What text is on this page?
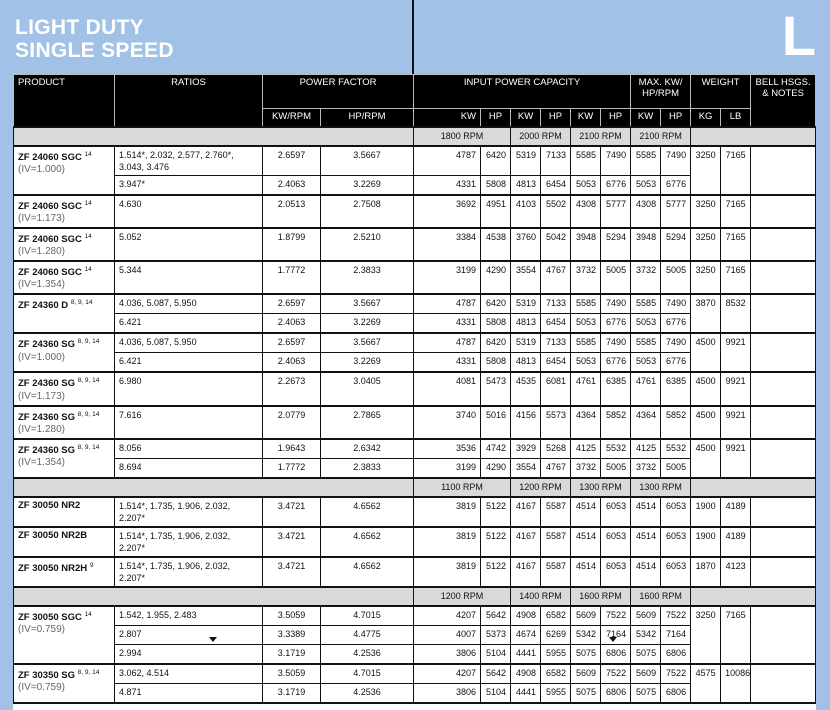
LIGHT DUTY
SINGLE SPEED	L
PRODUCT	RATIOS	POWER FACTOR		INPUT POWER CAPACITY						MAX. KW/ HP/RPM		WEIGHT		BELL HSGS. & NOTES
		KW/RPM	HP/RPM	KW	HP	KW	HP	KW	HP	KW	HP	KG	LB	
				1800 RPM		2000 RPM		2100 RPM		2100 RPM				
ZF 24060 SGC $^{14}$
(IV=1.000)	1.514*, 2.032, 2.577, 2.760*, 3.043, 3.476	2.6597	3.5667	4787	6420	5319	7133	5585	7490	5585	7490	3250	7165	
	3.947*	2.4063	3.2269	4331	5808	4813	6454	5053	6776	5053	6776			
ZF 24060 SGC $^{14}$
(IV=1.173)	4.630	2.0513	2.7508	3692	4951	4103	5502	4308	5777	4308	5777	3250	7165	
ZF 24060 SGC $^{14}$
(IV=1.280)	5.052	1.8799	2.5210	3384	4538	3760	5042	3948	5294	3948	5294	3250	7165	
ZF 24060 SGC $^{14}$
(IV=1.354)	5.344	1.7772	2.3833	3199	4290	3554	4767	3732	5005	3732	5005	3250	7165	
ZF 24360 D $^{8, 9, 14}$	4.036, 5.087, 5.950	2.6597	3.5667	4787	6420	5319	7133	5585	7490	5585	7490	3870	8532	
	6.421	2.4063	3.2269	4331	5808	4813	6454	5053	6776	5053	6776			
ZF 24360 SG $^{8, 9, 14}$
(IV=1.000)	4.036, 5.087, 5.950	2.6597	3.5667	4787	6420	5319	7133	5585	7490	5585	7490	4500	9921	
	6.421	2.4063	3.2269	4331	5808	4813	6454	5053	6776	5053	6776			
ZF 24360 SG $^{8, 9, 14}$
(IV=1.173)	6.980	2.2673	3.0405	4081	5473	4535	6081	4761	6385	4761	6385	4500	9921	
ZF 24360 SG $^{8, 9, 14}$
(IV=1.280)	7.616	2.0779	2.7865	3740	5016	4156	5573	4364	5852	4364	5852	4500	9921	
ZF 24360 SG $^{8, 9, 14}$
(IV=1.354)	8.056	1.9643	2.6342	3536	4742	3929	5268	4125	5532	4125	5532	4500	9921	
	8.694	1.7772	2.3833	3199	4290	3554	4767	3732	5005	3732	5005			
				1100 RPM		1200 RPM		1300 RPM		1300 RPM				
ZF 30050 NR2	1.514*, 1.735, 1.906, 2.032, 2.207*	3.4721	4.6562	3819	5122	4167	5587	4514	6053	4514	6053	1900	4189	
ZF 30050 NR2B	1.514*, 1.735, 1.906, 2.032, 2.207*	3.4721	4.6562	3819	5122	4167	5587	4514	6053	4514	6053	1900	4189	
ZF 30050 NR2H $^9$	1.514*, 1.735, 1.906, 2.032, 2.207*	3.4721	4.6562	3819	5122	4167	5587	4514	6053	4514	6053	1870	4123	
				1200 RPM		1400 RPM		1600 RPM		1600 RPM				
ZF 30050 SGC $^{14}$
(IV=0.759)	1.542, 1.955, 2.483	3.5059	4.7015	4207	5642	4908	6582	5609	7522	5609	7522	3250	7165	
	2.807	3.3389	4.4775	4007	5373	4674	6269	5342	7164	5342	7164			
	2.994	3.1719	4.2536	3806	5104	4441	5955	5075	6806	5075	6806			
ZF 30350 SG $^{8, 9, 14}$
(IV=0.759)	3.062, 4.514	3.5059	4.7015	4207	5642	4908	6582	5609	7522	5609	7522	4575	10086	
	4.871	3.1719	4.2536	3806	5104	4441	5955	5075	6806	5075	6806			
